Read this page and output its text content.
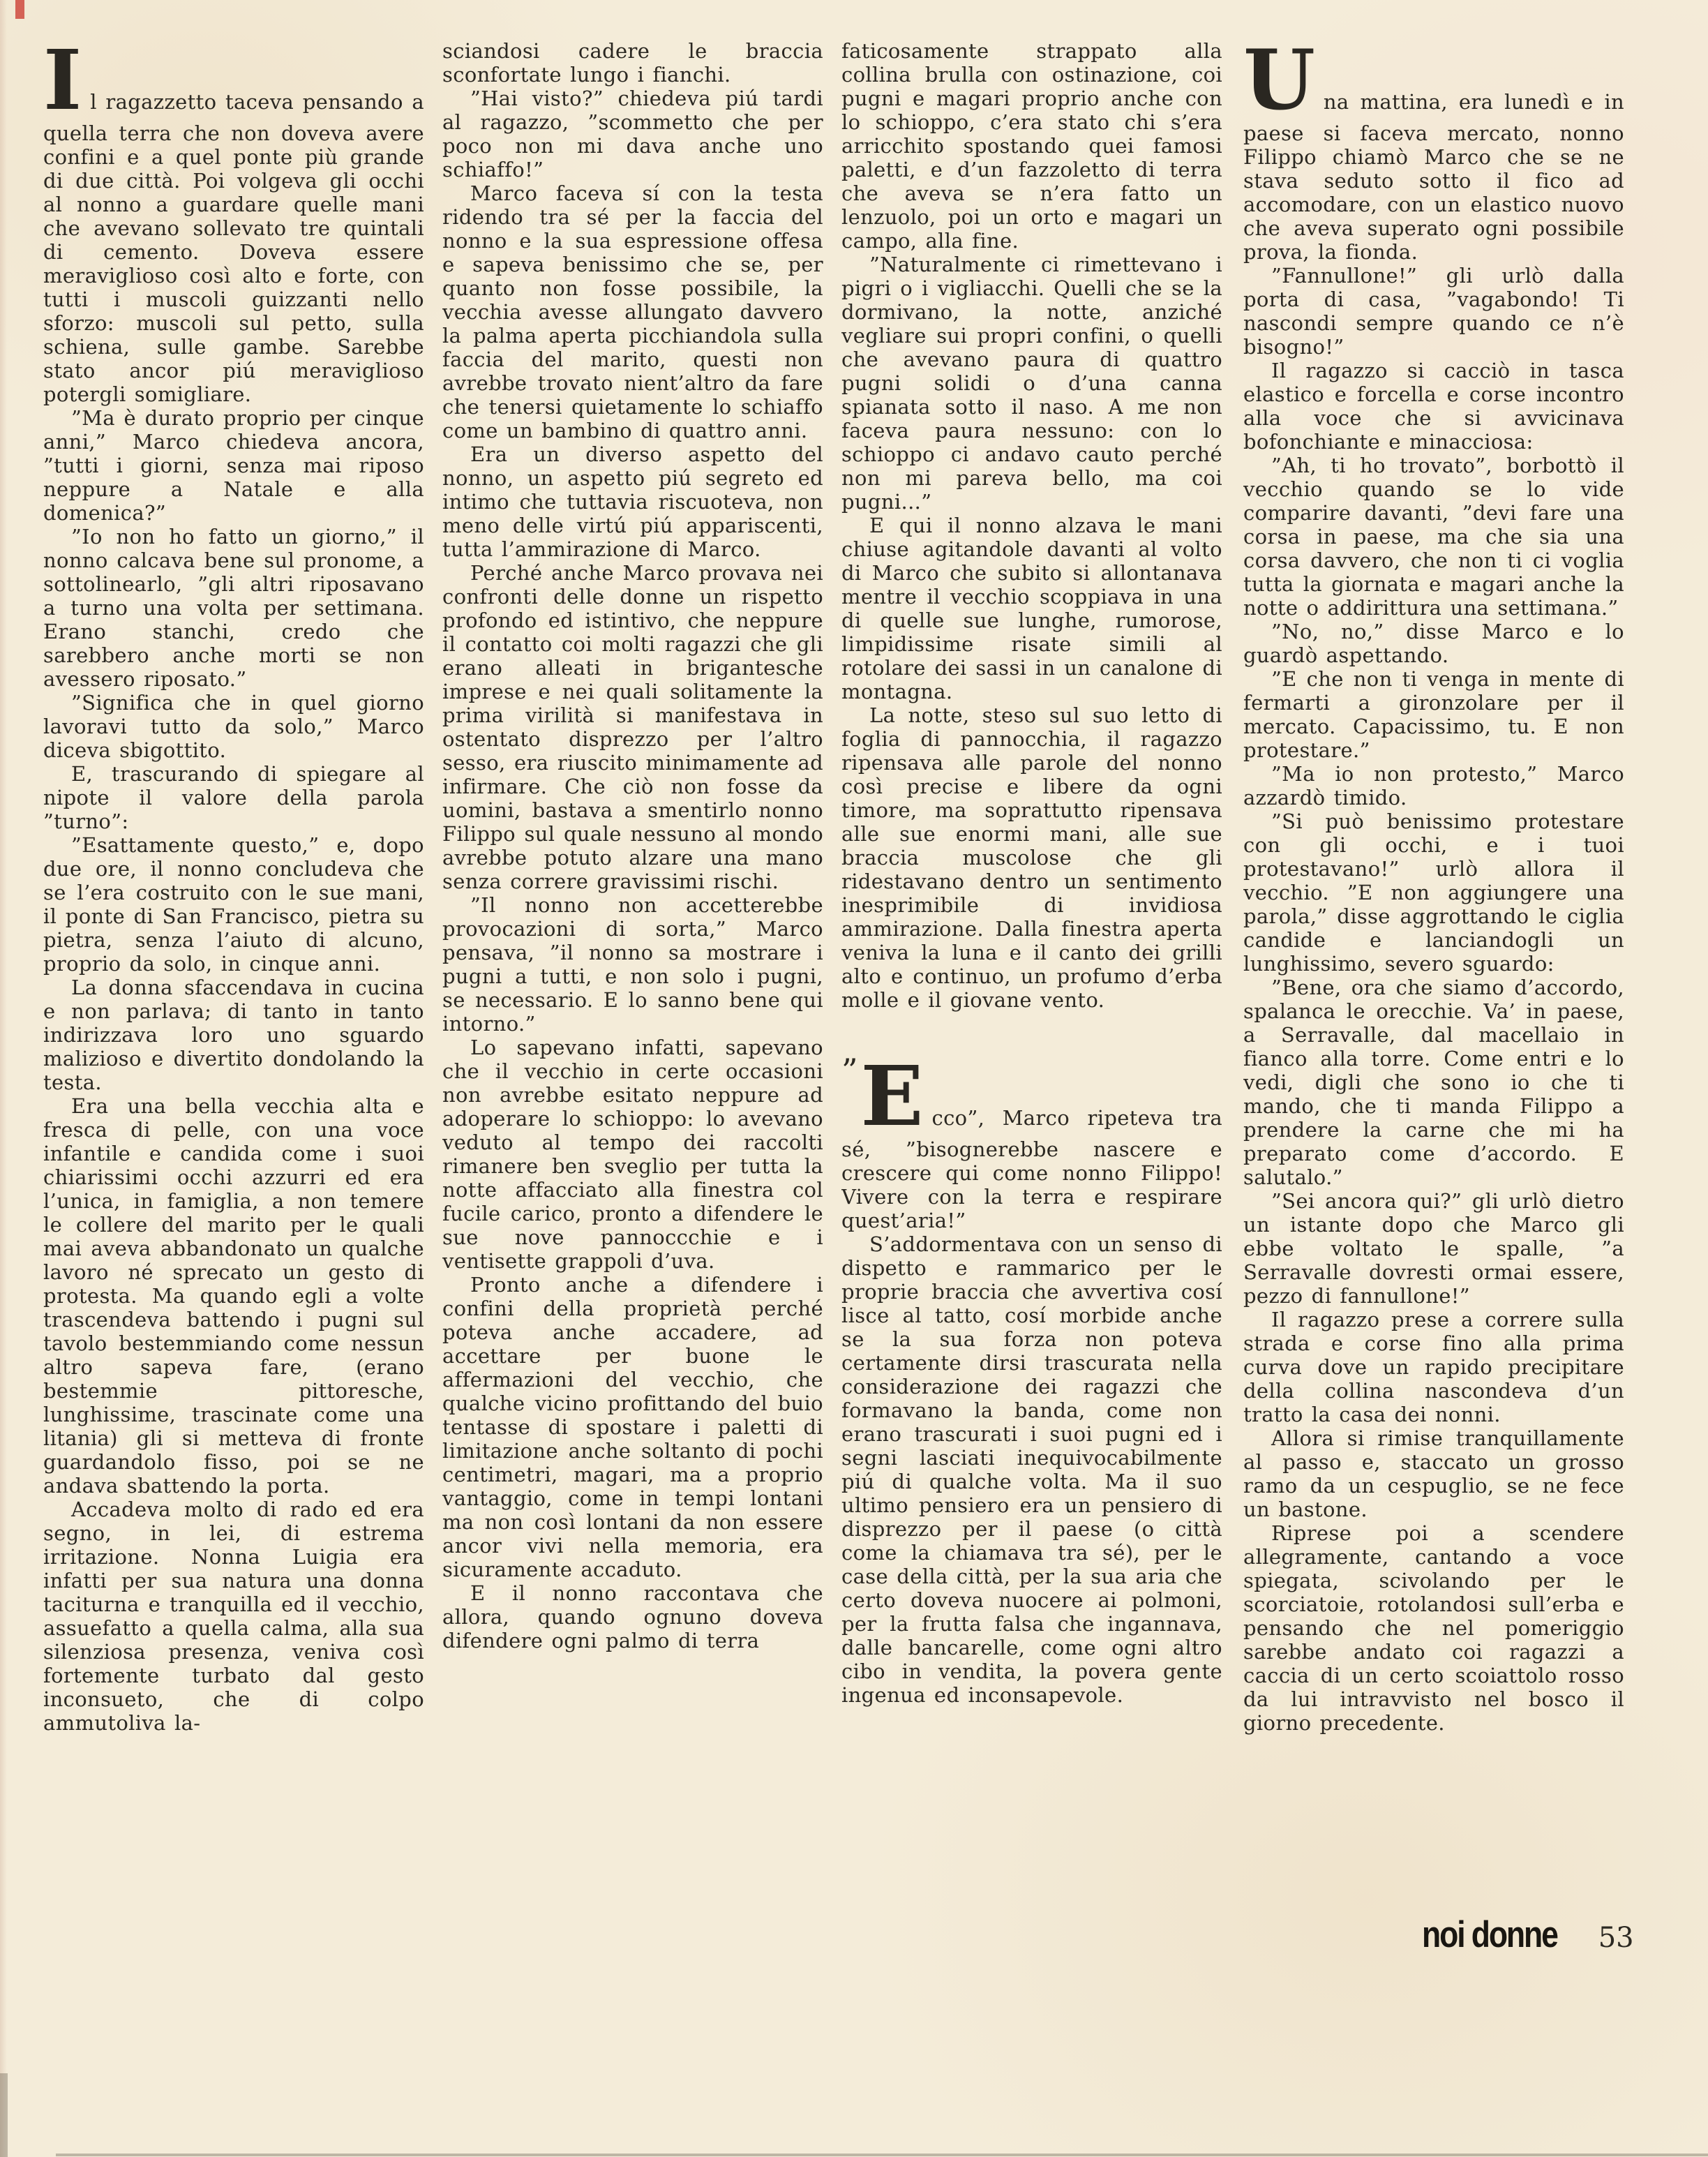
Il ragazzetto taceva pensando a quella terra che non doveva avere confini e a quel ponte più grande di due città. Poi volgeva gli occhi al nonno a guardare quelle mani che avevano sollevato tre quintali di cemento. Doveva essere meraviglioso così alto e forte, con tutti i muscoli guizzanti nello sforzo: muscoli sul petto, sulla schiena, sulle gambe. Sarebbe stato ancor piú meraviglioso potergli somigliare.

”Ma è durato proprio per cinque anni,” Marco chiedeva ancora, ”tutti i giorni, senza mai riposo neppure a Natale e alla domenica?”

”Io non ho fatto un giorno,” il nonno calcava bene sul pronome, a sottolinearlo, ”gli altri riposavano a turno una volta per settimana. Erano stanchi, credo che sarebbero anche morti se non avessero riposato.”

”Significa che in quel giorno lavoravi tutto da solo,” Marco diceva sbigottito.

E, trascurando di spiegare al nipote il valore della parola ”turno”:

”Esattamente questo,” e, dopo due ore, il nonno concludeva che se l’era costruito con le sue mani, il ponte di San Francisco, pietra su pietra, senza l’aiuto di alcuno, proprio da solo, in cinque anni.

La donna sfaccendava in cucina e non parlava; di tanto in tanto indirizzava loro uno sguardo malizioso e divertito dondolando la testa.

Era una bella vecchia alta e fresca di pelle, con una voce infantile e candida come i suoi chiarissimi occhi azzurri ed era l’unica, in famiglia, a non temere le collere del marito per le quali mai aveva abbandonato un qualche lavoro né sprecato un gesto di protesta. Ma quando egli a volte trascendeva battendo i pugni sul tavolo bestemmiando come nessun altro sapeva fare, (erano bestemmie pittoresche, lunghissime, trascinate come una litania) gli si metteva di fronte guardandolo fisso, poi se ne andava sbattendo la porta.

Accadeva molto di rado ed era segno, in lei, di estrema irritazione. Nonna Luigia era infatti per sua natura una donna taciturna e tranquilla ed il vecchio, assuefatto a quella calma, alla sua silenziosa presenza, veniva così fortemente turbato dal gesto inconsueto, che di colpo ammutoliva la-

sciandosi cadere le braccia sconfortate lungo i fianchi.

”Hai visto?” chiedeva piú tardi al ragazzo, ”scommetto che per poco non mi dava anche uno schiaffo!”

Marco faceva sí con la testa ridendo tra sé per la faccia del nonno e la sua espressione offesa e sapeva benissimo che se, per quanto non fosse possibile, la vecchia avesse allungato davvero la palma aperta picchiandola sulla faccia del marito, questi non avrebbe trovato nient’altro da fare che tenersi quietamente lo schiaffo come un bambino di quattro anni.

Era un diverso aspetto del nonno, un aspetto piú segreto ed intimo che tuttavia riscuoteva, non meno delle virtú piú appariscenti, tutta l’ammirazione di Marco.

Perché anche Marco provava nei confronti delle donne un rispetto profondo ed istintivo, che neppure il contatto coi molti ragazzi che gli erano alleati in brigantesche imprese e nei quali solitamente la prima virilità si manifestava in ostentato disprezzo per l’altro sesso, era riuscito minimamente ad infirmare. Che ciò non fosse da uomini, bastava a smentirlo nonno Filippo sul quale nessuno al mondo avrebbe potuto alzare una mano senza correre gravissimi rischi.

”Il nonno non accetterebbe provocazioni di sorta,” Marco pensava, ”il nonno sa mostrare i pugni a tutti, e non solo i pugni, se necessario. E lo sanno bene qui intorno.”

Lo sapevano infatti, sapevano che il vecchio in certe occasioni non avrebbe esitato neppure ad adoperare lo schioppo: lo avevano veduto al tempo dei raccolti rimanere ben sveglio per tutta la notte affacciato alla finestra col fucile carico, pronto a difendere le sue nove pannoccchie e i ventisette grappoli d’uva.

Pronto anche a difendere i confini della proprietà perché poteva anche accadere, ad accettare per buone le affermazioni del vecchio, che qualche vicino profittando del buio tentasse di spostare i paletti di limitazione anche soltanto di pochi centimetri, magari, ma a proprio vantaggio, come in tempi lontani ma non così lontani da non essere ancor vivi nella memoria, era sicuramente accaduto.

E il nonno raccontava che allora, quando ognuno doveva difendere ogni palmo di terra

faticosamente strappato alla collina brulla con ostinazione, coi pugni e magari proprio anche con lo schioppo, c’era stato chi s’era arricchito spostando quei famosi paletti, e d’un fazzoletto di terra che aveva se n’era fatto un lenzuolo, poi un orto e magari un campo, alla fine.

”Naturalmente ci rimettevano i pigri o i vigliacchi. Quelli che se la dormivano, la notte, anziché vegliare sui propri confini, o quelli che avevano paura di quattro pugni solidi o d’una canna spianata sotto il naso. A me non faceva paura nessuno: con lo schioppo ci andavo cauto perché non mi pareva bello, ma coi pugni...”

E qui il nonno alzava le mani chiuse agitandole davanti al volto di Marco che subito si allontanava mentre il vecchio scoppiava in una di quelle sue lunghe, rumorose, limpidissime risate simili al rotolare dei sassi in un canalone di montagna.

La notte, steso sul suo letto di foglia di pannocchia, il ragazzo ripensava alle parole del nonno così precise e libere da ogni timore, ma soprattutto ripensava alle sue enormi mani, alle sue braccia muscolose che gli ridestavano dentro un sentimento inesprimibile di invidiosa ammirazione. Dalla finestra aperta veniva la luna e il canto dei grilli alto e continuo, un profumo d’erba molle e il giovane vento.

”E cco”, Marco ripeteva tra sé, ”bisognerebbe nascere e crescere qui come nonno Filippo! Vivere con la terra e respirare quest’aria!”

S’addormentava con un senso di dispetto e rammarico per le proprie braccia che avvertiva cosí lisce al tatto, cosí morbide anche se la sua forza non poteva certamente dirsi trascurata nella considerazione dei ragazzi che formavano la banda, come non erano trascurati i suoi pugni ed i segni lasciati inequivocabilmente piú di qualche volta. Ma il suo ultimo pensiero era un pensiero di disprezzo per il paese (o città come la chiamava tra sé), per le case della città, per la sua aria che certo doveva nuocere ai polmoni, per la frutta falsa che ingannava, dalle bancarelle, come ogni altro cibo in vendita, la povera gente ingenua ed inconsapevole.

Una mattina, era lunedì e in paese si faceva mercato, nonno Filippo chiamò Marco che se ne stava seduto sotto il fico ad accomodare, con un elastico nuovo che aveva superato ogni possibile prova, la fionda.

”Fannullone!” gli urlò dalla porta di casa, ”vagabondo! Ti nascondi sempre quando ce n’è bisogno!”

Il ragazzo si cacciò in tasca elastico e forcella e corse incontro alla voce che si avvicinava bofonchiante e minacciosa:

”Ah, ti ho trovato”, borbottò il vecchio quando se lo vide comparire davanti, ”devi fare una corsa in paese, ma che sia una corsa davvero, che non ti ci voglia tutta la giornata e magari anche la notte o addirittura una settimana.”

”No, no,” disse Marco e lo guardò aspettando.

”E che non ti venga in mente di fermarti a gironzolare per il mercato. Capacissimo, tu. E non protestare.”

”Ma io non protesto,” Marco azzardò timido.

”Si può benissimo protestare con gli occhi, e i tuoi protestavano!” urlò allora il vecchio. ”E non aggiungere una parola,” disse aggrottando le ciglia candide e lanciandogli un lunghissimo, severo sguardo:

”Bene, ora che siamo d’accordo, spalanca le orecchie. Va’ in paese, a Serravalle, dal macellaio in fianco alla torre. Come entri e lo vedi, digli che sono io che ti mando, che ti manda Filippo a prendere la carne che mi ha preparato come d’accordo. E salutalo.”

”Sei ancora qui?” gli urlò dietro un istante dopo che Marco gli ebbe voltato le spalle, ”a Serravalle dovresti ormai essere, pezzo di fannullone!”

Il ragazzo prese a correre sulla strada e corse fino alla prima curva dove un rapido precipitare della collina nascondeva d’un tratto la casa dei nonni.

Allora si rimise tranquillamente al passo e, staccato un grosso ramo da un cespuglio, se ne fece un bastone.

Riprese poi a scendere allegramente, cantando a voce spiegata, scivolando per le scorciatoie, rotolandosi sull’erba e pensando che nel pomeriggio sarebbe andato coi ragazzi a caccia di un certo scoiattolo rosso da lui intravvisto nel bosco il giorno precedente.

noi donne 53
